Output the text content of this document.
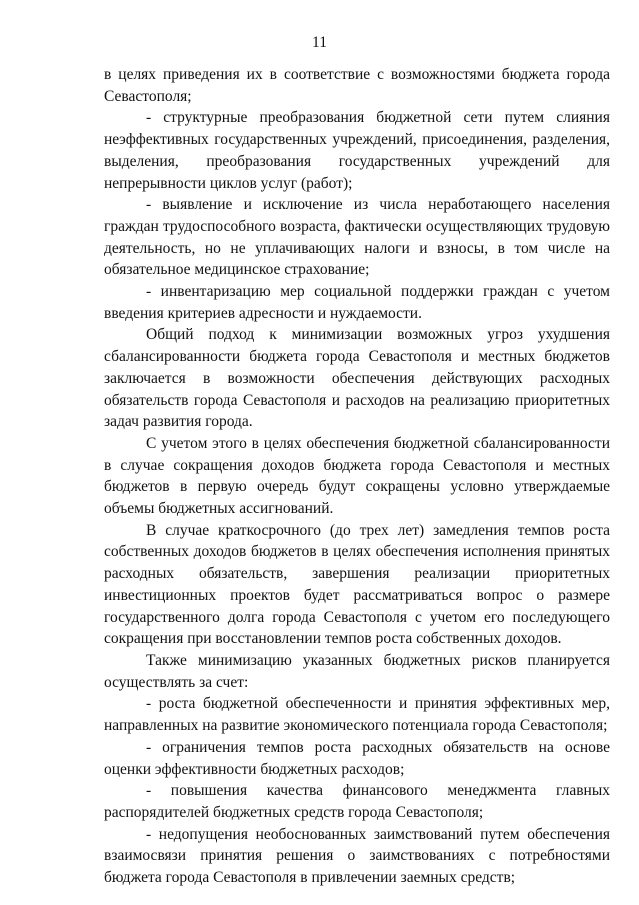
11

в целях приведения их в соответствие с возможностями бюджета города Севастополя;

- структурные преобразования бюджетной сети путем слияния неэффективных государственных учреждений, присоединения, разделения, выделения, преобразования государственных учреждений для непрерывности циклов услуг (работ);

- выявление и исключение из числа неработающего населения граждан трудоспособного возраста, фактически осуществляющих трудовую деятельность, но не уплачивающих налоги и взносы, в том числе на обязательное медицинское страхование;

- инвентаризацию мер социальной поддержки граждан с учетом введения критериев адресности и нуждаемости.

Общий подход к минимизации возможных угроз ухудшения сбалансированности бюджета города Севастополя и местных бюджетов заключается в возможности обеспечения действующих расходных обязательств города Севастополя и расходов на реализацию приоритетных задач развития города.

С учетом этого в целях обеспечения бюджетной сбалансированности в случае сокращения доходов бюджета города Севастополя и местных бюджетов в первую очередь будут сокращены условно утверждаемые объемы бюджетных ассигнований.

В случае краткосрочного (до трех лет) замедления темпов роста собственных доходов бюджетов в целях обеспечения исполнения принятых расходных обязательств, завершения реализации приоритетных инвестиционных проектов будет рассматриваться вопрос о размере государственного долга города Севастополя с учетом его последующего сокращения при восстановлении темпов роста собственных доходов.

Также минимизацию указанных бюджетных рисков планируется осуществлять за счет:

- роста бюджетной обеспеченности и принятия эффективных мер, направленных на развитие экономического потенциала города Севастополя;

- ограничения темпов роста расходных обязательств на основе оценки эффективности бюджетных расходов;

- повышения качества финансового менеджмента главных распорядителей бюджетных средств города Севастополя;

- недопущения необоснованных заимствований путем обеспечения взаимосвязи принятия решения о заимствованиях с потребностями бюджета города Севастополя в привлечении заемных средств;
